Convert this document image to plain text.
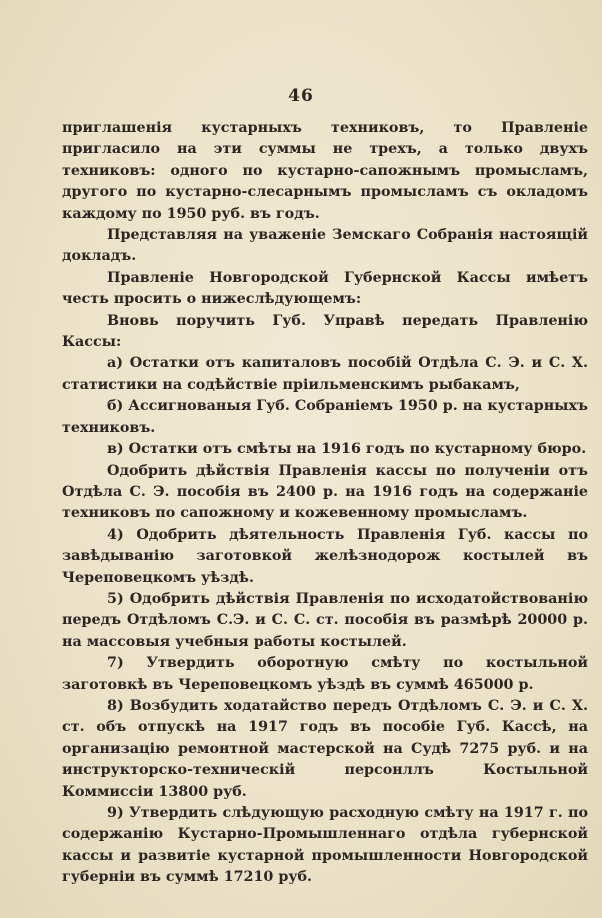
46

приглашенія кустарныхъ техниковъ, то Правленіе пригласило на эти суммы не трехъ, а только двухъ техниковъ: одного по кустарно-сапожнымъ промысламъ, другого по кустарно-слесарнымъ промысламъ съ окладомъ каждому по 1950 руб. въ годъ.

Представляя на уваженіе Земскаго Собранія настоящій докладъ.

Правленіе Новгородской Губернской Кассы имѣетъ честь просить о нижеслѣдующемъ:

Вновь поручить Губ. Управѣ передать Правленію Кассы:

а) Остатки отъ капиталовъ пособій Отдѣла С. Э. и С. Х. статистики на содѣйствіе пріильменскимъ рыбакамъ,

б) Ассигнованыя Губ. Собраніемъ 1950 р. на кустарныхъ техниковъ.

в) Остатки отъ смѣты на 1916 годъ по кустарному бюро.

Одобрить дѣйствія Правленія кассы по полученіи отъ Отдѣла С. Э. пособія въ 2400 р. на 1916 годъ на содержаніе техниковъ по сапожному и кожевенному промысламъ.

4) Одобрить дѣятельность Правленія Губ. кассы по завѣдыванію заготовкой желѣзнодорож костылей въ Череповецкомъ уѣздѣ.

5) Одобрить дѣйствія Правленія по исходатойствованію передъ Отдѣломъ С.Э. и С. С. ст. пособія въ размѣрѣ 20000 р. на массовыя учебныя работы костылей.

7) Утвердить оборотную смѣту по костыльной заготовкѣ въ Череповецкомъ уѣздѣ въ суммѣ 465000 р.

8) Возбудить ходатайство передъ Отдѣломъ С. Э. и С. Х. ст. объ отпускѣ на 1917 годъ въ пособіе Губ. Кассѣ, на организацію ремонтной мастерской на Судѣ 7275 руб. и на инструкторско-техническій персонллъ Костыльной Коммиссіи 13800 руб.

9) Утвердить слѣдующую расходную смѣту на 1917 г. по содержанію Кустарно-Промышленнаго отдѣла губернской кассы и развитіе кустарной промышленности Новгородской губерніи въ суммѣ 17210 руб.
